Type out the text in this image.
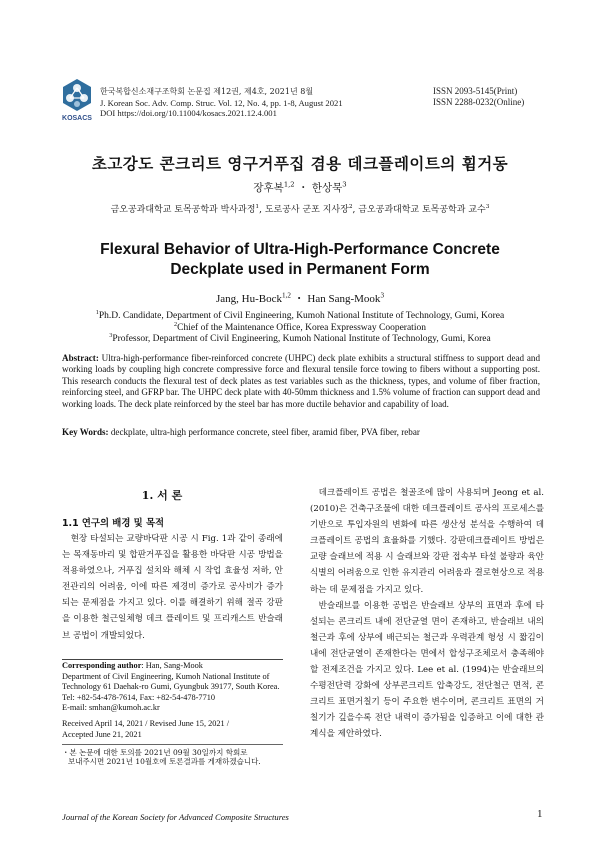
KOSACS
한국복합신소재구조학회 논문집 제12권, 제4호, 2021년 8월
J. Korean Soc. Adv. Comp. Struc. Vol. 12, No. 4, pp. 1-8, August 2021
DOI https://doi.org/10.11004/kosacs.2021.12.4.001
ISSN 2093-5145(Print)
ISSN 2288-0232(Online)
초고강도 콘크리트 영구거푸집 겸용 데크플레이트의 휨거동
장후복$^{1,2}$ ・ 한상묵$^3$
금오공과대학교 토목공학과 박사과정$^1$, 도로공사 군포 지사장$^2$, 금오공과대학교 토목공학과 교수$^3$
Flexural Behavior of Ultra-High-Performance Concrete
Deckplate used in Permanent Form
Jang, Hu-Bock$^{1,2}$ ・ Han Sang-Mook$^3$
$^1$Ph.D. Candidate, Department of Civil Engineering, Kumoh National Institute of Technology, Gumi, Korea
$^2$Chief of the Maintenance Office, Korea Expressway Cooperation
$^3$Professor, Department of Civil Engineering, Kumoh National Institute of Technology, Gumi, Korea
Abstract: Ultra-high-performance fiber-reinforced concrete (UHPC) deck plate exhibits a structural stiffness to support dead and working loads by coupling high concrete compressive force and flexural tensile force towing to fibers without a supporting post. This research conducts the flexural test of deck plates as test variables such as the thickness, types, and volume of fiber fraction, reinforcing steel, and GFRP bar. The UHPC deck plate with 40-50mm thickness and 1.5% volume of fraction can support dead and working loads. The deck plate reinforced by the steel bar has more ductile behavior and capability of load.
Key Words: deckplate, ultra-high performance concrete, steel fiber, aramid fiber, PVA fiber, rebar
1. 서 론
1.1 연구의 배경 및 목적

현장 타설되는 교량바닥판 시공 시 Fig. 1과 같이 종래에는 목재동바리 및 합판거푸집을 활용한 바닥판 시공 방법을 적용하였으나, 거푸집 설치와 해체 시 작업 효율성 저하, 안전관리의 어려움, 이에 따른 제경비 증가로 공사비가 증가되는 문제점을 가지고 있다. 이를 해결하기 위해 절곡 강판을 이용한 철근일체형 데크 플레이트 및 프리캐스트 반슬래브 공법이 개발되었다.

Corresponding author: Han, Sang-Mook
Department of Civil Engineering, Kumoh National Institute of
Technology 61 Daehak-ro Gumi, Gyungbuk 39177, South Korea.
Tel: +82-54-478-7614, Fax: +82-54-478-7710
E-mail: smhan@kumoh.ac.kr
Received April 14, 2021 / Revised June 15, 2021 /
Accepted June 21, 2021
・본 논문에 대한 토의를 2021년 09월 30일까지 학회로
보내주시면 2021년 10월호에 토론결과를 게재하겠습니다.

데크플레이트 공법은 철골조에 많이 사용되며 Jeong et al. (2010)은 건축구조물에 대한 데크플레이트 공사의 프로세스를 기반으로 투입자원의 변화에 따른 생산성 분석을 수행하여 데크플레이트 공법의 효율화를 기했다. 강판데크플레이트 방법은 교량 슬래브에 적용 시 슬래브와 강판 접속부 타설 불량과 육안식별의 어려움으로 인한 유지관리 어려움과 결로현상으로 적용하는 데 문제점을 가지고 있다.

반슬래브를 이용한 공법은 반슬래브 상부의 표면과 후에 타설되는 콘크리트 내에 전단균열 면이 존재하고, 반슬래브 내의 철근과 후에 상부에 배근되는 철근과 우력관계 형성 시 짧김이 내에 전단균열이 존재한다는 면에서 합성구조체로서 충족해야 할 전제조건을 가지고 있다. Lee et al. (1994)는 반슬래브의 수평전단력 강화에 상부콘크리트 압축강도, 전단철근 면적, 콘크리트 표면거칠기 등이 주요한 변수이며, 콘크리트 표면의 거칠기가 깊을수록 전단 내력이 증가됨을 입증하고 이에 대한 관계식을 제안하였다.

Journal of the Korean Society for Advanced Composite Structures	1
